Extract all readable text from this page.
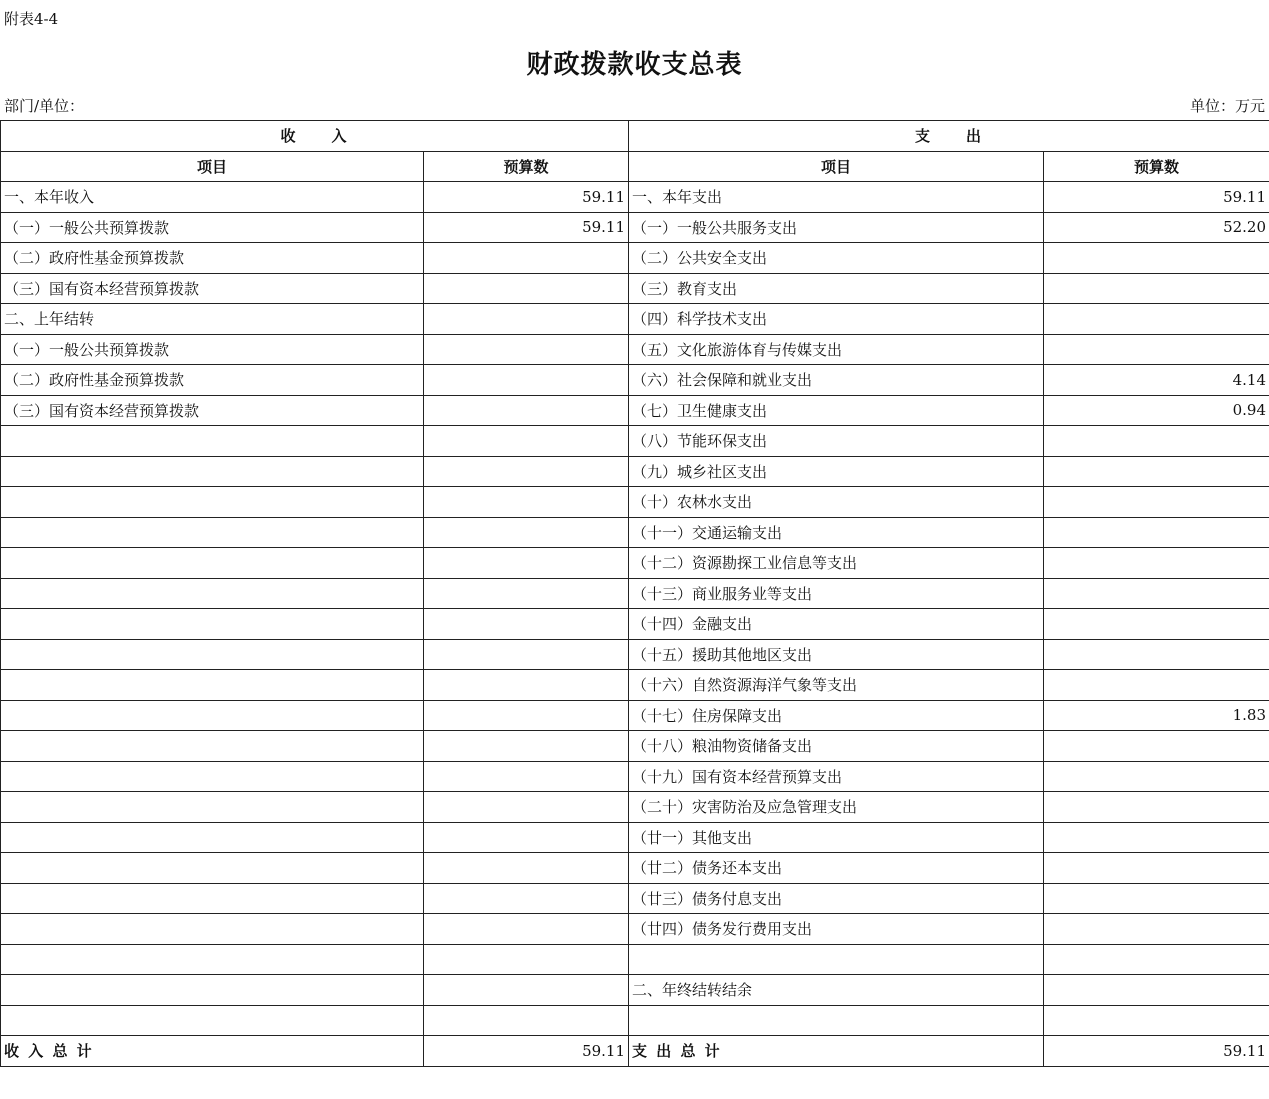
附表4-4
财政拨款收支总表
部门/单位：	单位：万元
收　　入		支　　出	
项目	预算数	项目	预算数
一、本年收入	59.11	一、本年支出	59.11
（一）一般公共预算拨款	59.11	（一）一般公共服务支出	52.20
（二）政府性基金预算拨款		（二）公共安全支出	
（三）国有资本经营预算拨款		（三）教育支出	
二、上年结转		（四）科学技术支出	
（一）一般公共预算拨款		（五）文化旅游体育与传媒支出	
（二）政府性基金预算拨款		（六）社会保障和就业支出	4.14
（三）国有资本经营预算拨款		（七）卫生健康支出	0.94
		（八）节能环保支出	
		（九）城乡社区支出	
		（十）农林水支出	
		（十一）交通运输支出	
		（十二）资源勘探工业信息等支出	
		（十三）商业服务业等支出	
		（十四）金融支出	
		（十五）援助其他地区支出	
		（十六）自然资源海洋气象等支出	
		（十七）住房保障支出	1.83
		（十八）粮油物资储备支出	
		（十九）国有资本经营预算支出	
		（二十）灾害防治及应急管理支出	
		（廿一）其他支出	
		（廿二）债务还本支出	
		（廿三）债务付息支出	
		（廿四）债务发行费用支出	

		二、年终结转结余	

收 入 总 计	59.11	支 出 总 计	59.11
